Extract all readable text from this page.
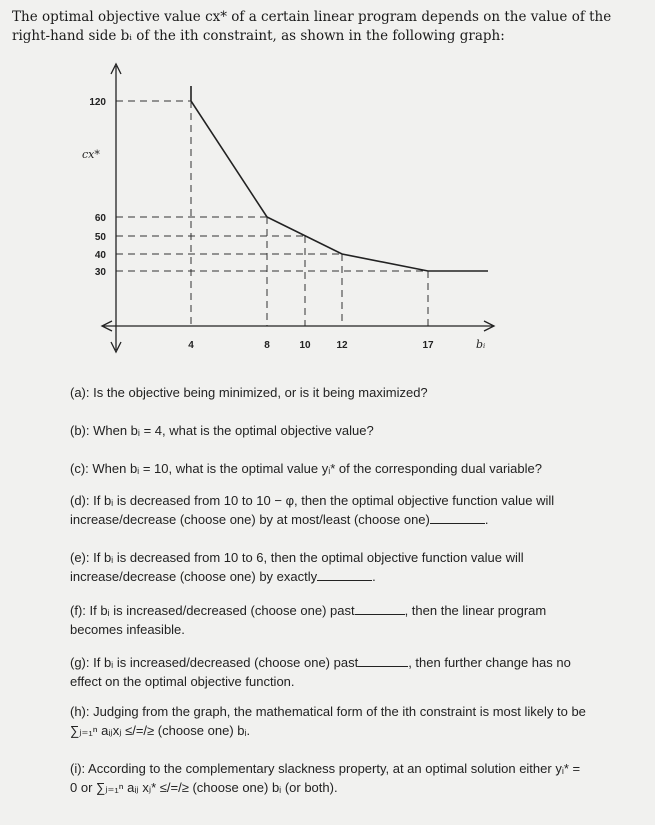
The optimal objective value cx* of a certain linear program depends on the value of the right-hand side bᵢ of the ith constraint, as shown in the following graph:
120
60
50
40
30
4	8	10	12	17
cx*
bᵢ
(a): Is the objective being minimized, or is it being maximized?
(b): When bᵢ = 4, what is the optimal objective value?
(c): When bᵢ = 10, what is the optimal value yᵢ* of the corresponding dual variable?
(d): If bᵢ is decreased from 10 to 10 − φ, then the optimal objective function value will
increase/decrease (choose one) by at most/least (choose one)	.
(e): If bᵢ is decreased from 10 to 6, then the optimal objective function value will
increase/decrease (choose one) by exactly	.
(f): If bᵢ is increased/decreased (choose one) past	, then the linear program
becomes infeasible.
(g): If bᵢ is increased/decreased (choose one) past	, then further change has no
effect on the optimal objective function.
(h): Judging from the graph, the mathematical form of the ith constraint is most likely to be
∑ⱼ₌₁ⁿ aᵢⱼxⱼ ≤/=/≥ (choose one) bᵢ.
(i): According to the complementary slackness property, at an optimal solution either yᵢ* =
0 or ∑ⱼ₌₁ⁿ aᵢⱼ xⱼ* ≤/=/≥ (choose one) bᵢ (or both).
